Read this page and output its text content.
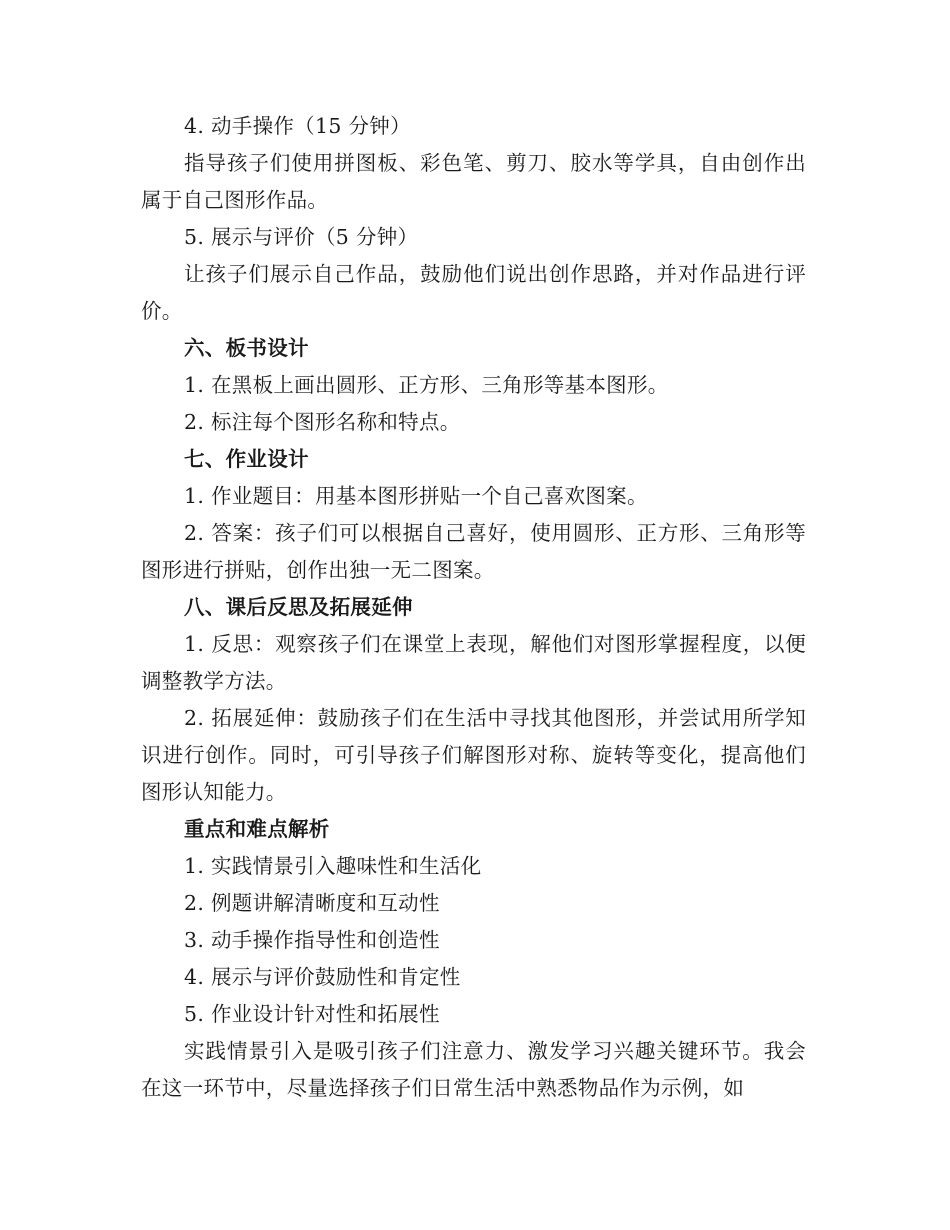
4. 动手操作（15 分钟）

指导孩子们使用拼图板、彩色笔、剪刀、胶水等学具，自由创作出属于自己图形作品。

5. 展示与评价（5 分钟）

让孩子们展示自己作品，鼓励他们说出创作思路，并对作品进行评价。

六、板书设计

1. 在黑板上画出圆形、正方形、三角形等基本图形。

2. 标注每个图形名称和特点。

七、作业设计

1. 作业题目：用基本图形拼贴一个自己喜欢图案。

2. 答案：孩子们可以根据自己喜好，使用圆形、正方形、三角形等图形进行拼贴，创作出独一无二图案。

八、课后反思及拓展延伸

1. 反思：观察孩子们在课堂上表现，解他们对图形掌握程度，以便调整教学方法。

2. 拓展延伸：鼓励孩子们在生活中寻找其他图形，并尝试用所学知识进行创作。同时，可引导孩子们解图形对称、旋转等变化，提高他们图形认知能力。

重点和难点解析

1. 实践情景引入趣味性和生活化

2. 例题讲解清晰度和互动性

3. 动手操作指导性和创造性

4. 展示与评价鼓励性和肯定性

5. 作业设计针对性和拓展性

实践情景引入是吸引孩子们注意力、激发学习兴趣关键环节。我会在这一环节中，尽量选择孩子们日常生活中熟悉物品作为示例，如
